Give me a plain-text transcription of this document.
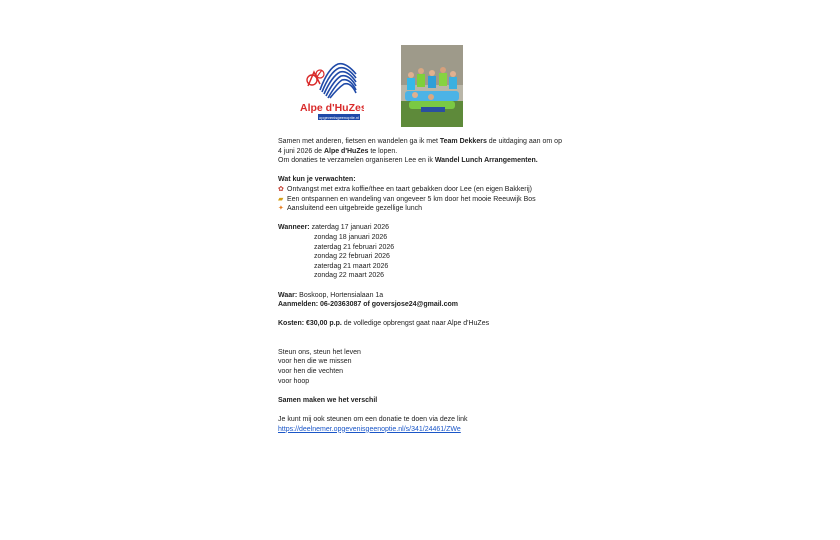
Alpe d'HuZes
opgevenisgeenoptie.nl

Samen met anderen, fietsen en wandelen ga ik met Team Dekkers de uitdaging aan om op

4 juni 2026 de Alpe d'HuZes te lopen.

Om donaties te verzamelen organiseren Lee en ik Wandel Lunch Arrangementen.

Wat kun je verwachten:

✿ Ontvangst met extra koffie/thee en taart gebakken door Lee (en eigen Bakkerij)
▰ Een ontspannen en wandeling van ongeveer 5 km door het mooie Reeuwijk Bos
✦ Aansluitend een uitgebreide gezellige lunch

Wanneer: zaterdag 17 januari 2026

zondag 18 januari 2026

zaterdag 21 februari 2026

zondag 22 februari 2026

zaterdag 21 maart 2026

zondag 22 maart 2026

Waar: Boskoop, Hortensialaan 1a

Aanmelden: 06-20363087 of goversjose24@gmail.com

Kosten: €30,00 p.p. de volledige opbrengst gaat naar Alpe d'HuZes

Steun ons, steun het leven

voor hen die we missen

voor hen die vechten

voor hoop

Samen maken we het verschil

Je kunt mij ook steunen om een donatie te doen via deze link

https://deelnemer.opgevenisgeenoptie.nl/s/341/24461/ZWe
